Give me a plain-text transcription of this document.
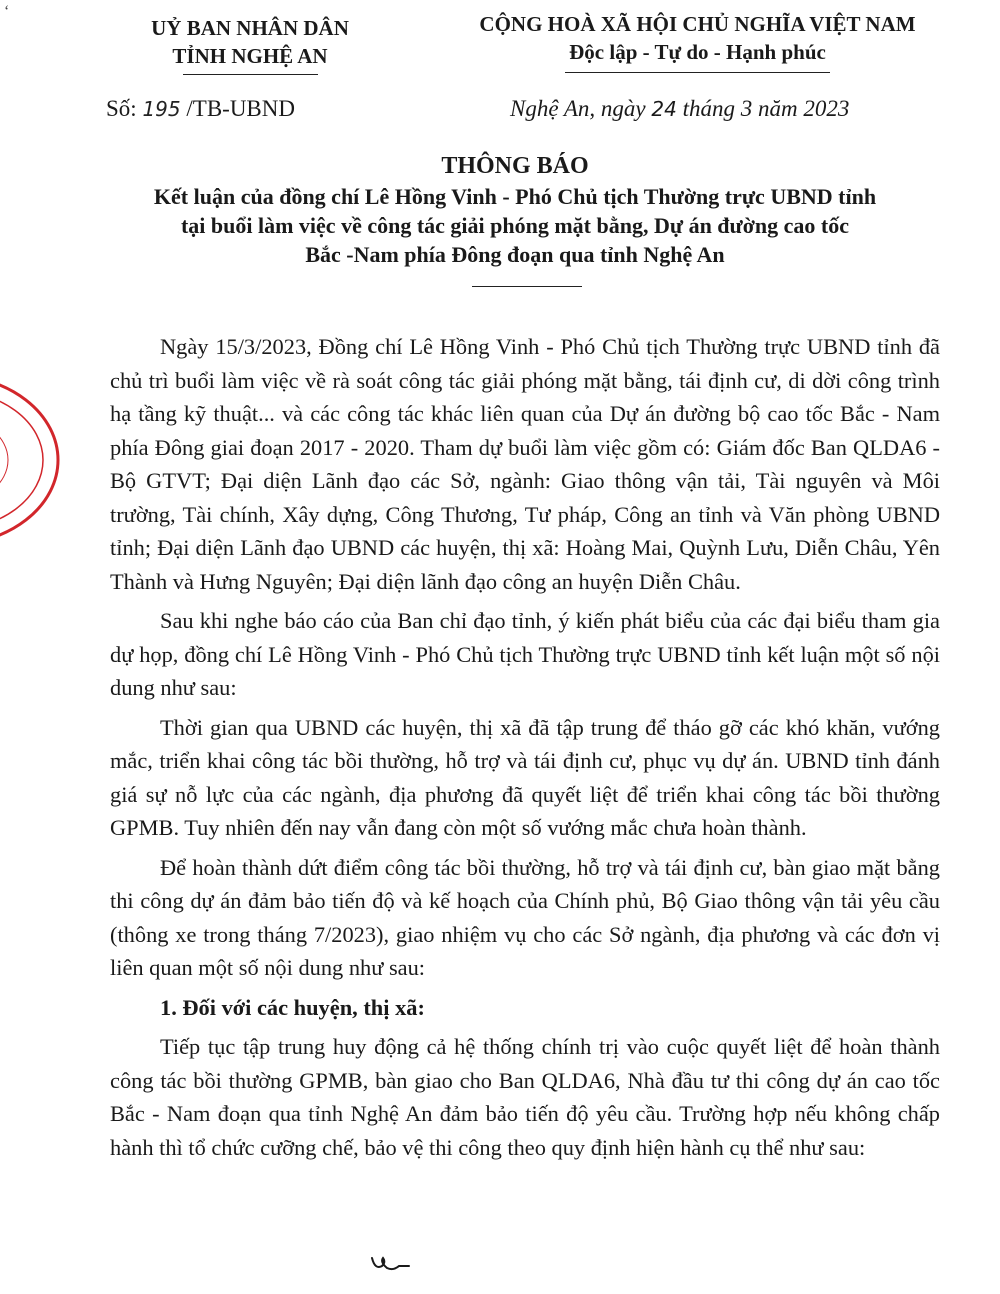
‘
UỶ BAN NHÂN DÂN
TỈNH NGHỆ AN
CỘNG HOÀ XÃ HỘI CHỦ NGHĨA VIỆT NAM
Độc lập - Tự do - Hạnh phúc
Số: 195 /TB-UBND	Nghệ An, ngày 24 tháng 3 năm 2023
THÔNG BÁO
Kết luận của đồng chí Lê Hồng Vinh - Phó Chủ tịch Thường trực UBND tỉnh
tại buổi làm việc về công tác giải phóng mặt bằng, Dự án đường cao tốc
Bắc -Nam phía Đông đoạn qua tỉnh Nghệ An

Ngày 15/3/2023, Đồng chí Lê Hồng Vinh - Phó Chủ tịch Thường trực UBND tỉnh đã chủ trì buổi làm việc về rà soát công tác giải phóng mặt bằng, tái định cư, di dời công trình hạ tầng kỹ thuật... và các công tác khác liên quan của Dự án đường bộ cao tốc Bắc - Nam phía Đông giai đoạn 2017 - 2020. Tham dự buổi làm việc gồm có: Giám đốc Ban QLDA6 - Bộ GTVT; Đại diện Lãnh đạo các Sở, ngành: Giao thông vận tải, Tài nguyên và Môi trường, Tài chính, Xây dựng, Công Thương, Tư pháp, Công an tỉnh và Văn phòng UBND tỉnh; Đại diện Lãnh đạo UBND các huyện, thị xã: Hoàng Mai, Quỳnh Lưu, Diễn Châu, Yên Thành và Hưng Nguyên; Đại diện lãnh đạo công an huyện Diễn Châu.

Sau khi nghe báo cáo của Ban chỉ đạo tỉnh, ý kiến phát biểu của các đại biểu tham gia dự họp, đồng chí Lê Hồng Vinh - Phó Chủ tịch Thường trực UBND tỉnh kết luận một số nội dung như sau:

Thời gian qua UBND các huyện, thị xã đã tập trung để tháo gỡ các khó khăn, vướng mắc, triển khai công tác bồi thường, hỗ trợ và tái định cư, phục vụ dự án. UBND tỉnh đánh giá sự nỗ lực của các ngành, địa phương đã quyết liệt để triển khai công tác bồi thường GPMB. Tuy nhiên đến nay vẫn đang còn một số vướng mắc chưa hoàn thành.

Để hoàn thành dứt điểm công tác bồi thường, hỗ trợ và tái định cư, bàn giao mặt bằng thi công dự án đảm bảo tiến độ và kế hoạch của Chính phủ, Bộ Giao thông vận tải yêu cầu (thông xe trong tháng 7/2023), giao nhiệm vụ cho các Sở ngành, địa phương và các đơn vị liên quan một số nội dung như sau:

1. Đối với các huyện, thị xã:

Tiếp tục tập trung huy động cả hệ thống chính trị vào cuộc quyết liệt để hoàn thành công tác bồi thường GPMB, bàn giao cho Ban QLDA6, Nhà đầu tư thi công dự án cao tốc Bắc - Nam đoạn qua tỉnh Nghệ An đảm bảo tiến độ yêu cầu. Trường hợp nếu không chấp hành thì tổ chức cưỡng chế, bảo vệ thi công theo quy định hiện hành cụ thể như sau:
